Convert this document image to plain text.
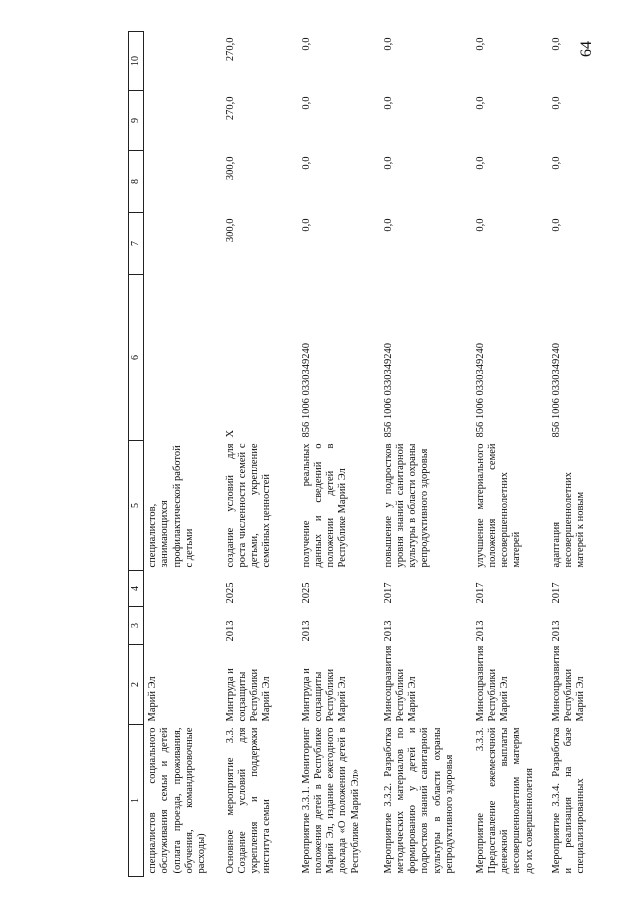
64
1	2	3	4	5	6	7	8	9	10
специалистов социального обслуживания семьи и детей (оплата проезда, проживания, обучения, командировочные расходы)	Марий Эл			специалистов, занимающихся профилактической работой с детьми					
Основное мероприятие 3.3. Создание условий для укрепления и поддержки института семьи	Минтруда и соцзащиты Республики Марий Эл	2013	2025	создание условий для роста численности семей с детьми, укрепление семейных ценностей	X	300,0	300,0	270,0	270,0
Мероприятие 3.3.1. Мониторинг положения детей в Республике Марий Эл, издание ежегодного доклада «О положении детей в Республике Марий Эл»	Минтруда и соцзащиты Республики Марий Эл	2013	2025	получение реальных данных и сведений о положении детей в Республике Марий Эл	856 1006 0330349240	0,0	0,0	0,0	0,0
Мероприятие 3.3.2. Разработка методических материалов по формированию у детей и подростков знаний санитарной культуры в области охраны репродуктивного здоровья	Минсоцразвития Республики Марий Эл	2013	2017	повышение у подростков уровня знаний санитарной культуры в области охраны репродуктивного здоровья	856 1006 0330349240	0,0	0,0	0,0	0,0
Мероприятие 3.3.3. Предоставление ежемесячной денежной выплаты несовершеннолетним матерям до их совершеннолетия	Минсоцразвития Республики Марий Эл	2013	2017	улучшение материального положения семей несовершеннолетних матерей	856 1006 0330349240	0,0	0,0	0,0	0,0
Мероприятие 3.3.4. Разработка и реализация на базе специализированных	Минсоцразвития Республики Марий Эл	2013	2017	адаптация несовершеннолетних матерей к новым	856 1006 0330349240	0,0	0,0	0,0	0,0
